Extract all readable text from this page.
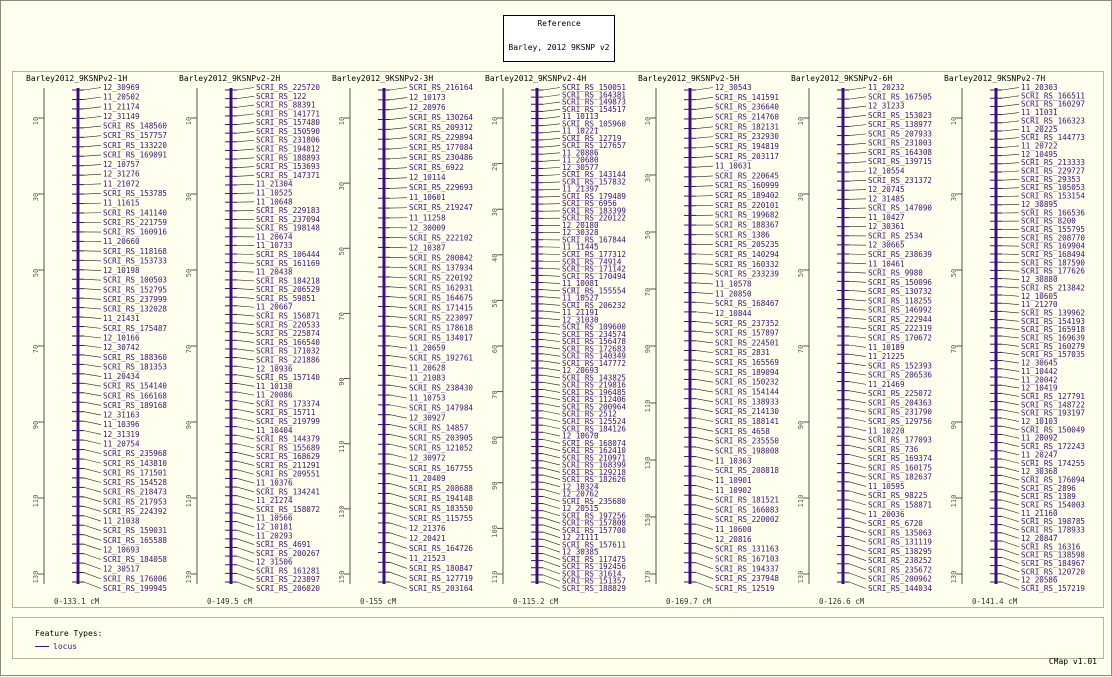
Reference
Barley, 2012 9KSNP v2
Feature Types:
locus
CMap v1.01
Barley2012_9KSNPv2-1H
0-133.1 cM
10
30
50
70
90
110
130
12_30969
11_20502
11_21174
12_31149
SCRI_RS_148560
SCRI_RS_157757
SCRI_RS_133220
SCRI_RS_169091
12_10757
12_31276
11_21072
SCRI_RS_153785
11_11615
SCRI_RS_141140
SCRI_RS_221759
SCRI_RS_160916
11_20660
SCRI_RS_118168
SCRI_RS_153733
12_10198
SCRI_RS_100503
SCRI_RS_152795
SCRI_RS_237999
SCRI_RS_132028
11_21431
SCRI_RS_175487
12_10166
12_30742
SCRI_RS_188360
SCRI_RS_181353
11_20434
SCRI_RS_154140
SCRI_RS_166168
SCRI_RS_189168
12_31163
11_10396
12_31319
11_20754
SCRI_RS_235968
SCRI_RS_143810
SCRI_RS_171501
SCRI_RS_154528
SCRI_RS_218473
SCRI_RS_217953
SCRI_RS_224392
11_21038
SCRI_RS_159031
SCRI_RS_165588
12_10693
SCRI_RS_184058
12_30517
SCRI_RS_176006
SCRI_RS_199945
Barley2012_9KSNPv2-2H
0-149.5 cM
10
30
50
70
90
110
130
SCRI_RS_225720
SCRI_RS_122
SCRI_RS_88391
SCRI_RS_141771
SCRI_RS_157480
SCRI_RS_150590
SCRI_RS_231806
SCRI_RS_194812
SCRI_RS_188893
SCRI_RS_153693
SCRI_RS_147371
11_21304
11_10525
11_10648
SCRI_RS_229183
SCRI_RS_237094
SCRI_RS_198148
11_20674
11_10733
SCRI_RS_106444
SCRI_RS_161169
11_20438
SCRI_RS_184218
SCRI_RS_206529
SCRI_RS_59851
11_20667
SCRI_RS_156871
SCRI_RS_220533
SCRI_RS_225874
SCRI_RS_166540
SCRI_RS_171032
SCRI_RS_221886
12_10936
SCRI_RS_157140
11_10138
11_20086
SCRI_RS_173374
SCRI_RS_15711
SCRI_RS_219799
11_10404
SCRI_RS_144379
SCRI_RS_155689
SCRI_RS_168629
SCRI_RS_211291
SCRI_RS_209551
11_10376
SCRI_RS_134241
11_21274
SCRI_RS_158072
11_10566
12_10181
11_20293
SCRI_RS_4691
SCRI_RS_200267
12_31506
SCRI_RS_161281
SCRI_RS_223897
SCRI_RS_206020
Barley2012_9KSNPv2-3H
0-155 cM
10
30
50
70
90
110
130
150
SCRI_RS_216164
12_10173
12_20976
SCRI_RS_130264
SCRI_RS_209312
SCRI_RS_229894
SCRI_RS_177084
SCRI_RS_230486
SCRI_RS_6922
12_10114
SCRI_RS_229693
11_10601
SCRI_RS_219247
11_11258
12_30009
SCRI_RS_222102
12_10387
SCRI_RS_200042
SCRI_RS_137934
SCRI_RS_220192
SCRI_RS_162931
SCRI_RS_164675
SCRI_RS_171415
SCRI_RS_223097
SCRI_RS_178618
SCRI_RS_134017
11_20659
SCRI_RS_192761
11_20628
11_21083
SCRI_RS_238430
11_10753
SCRI_RS_147984
12_30927
SCRI_RS_14857
SCRI_RS_203905
SCRI_RS_121052
12_30972
SCRI_RS_167755
11_20409
SCRI_RS_208688
SCRI_RS_194148
SCRI_RS_183550
SCRI_RS_115755
12_21376
12_20421
SCRI_RS_164726
11_21523
SCRI_RS_180847
SCRI_RS_127719
SCRI_RS_203164
Barley2012_9KSNPv2-4H
0-115.2 cM
10
20
30
40
50
60
70
80
90
100
110
SCRI_RS_150051
SCRI_RS_164381
SCRI_RS_149873
SCRI_RS_154517
11_10113
SCRI_RS_105960
11_10221
SCRI_RS_12719
SCRI_RS_127657
11_20886
11_20680
12_30577
SCRI_RS_143144
SCRI_RS_157832
11_21397
SCRI_RS_179489
SCRI_RS_6956
SCRI_RS_183399
SCRI_RS_220122
12_20180
12_30328
SCRI_RS_167844
11_11445
SCRI_RS_177312
SCRI_RS_74914
SCRI_RS_171142
SCRI_RS_170494
11_10081
SCRI_RS_155554
11_10527
SCRI_RS_206232
11_21191
12_31030
SCRI_RS_109600
SCRI_RS_234574
SCRI_RS_156478
SCRI_RS_172683
SCRI_RS_140349
SCRI_RS_147772
12_20693
SCRI_RS_143825
SCRI_RS_219816
SCRI_RS_196485
SCRI_RS_112406
SCRI_RS_200964
SCRI_RS_2512
SCRI_RS_125524
SCRI_RS_184126
12_10670
SCRI_RS_168074
SCRI_RS_162410
SCRI_RS_210971
SCRI_RS_168399
SCRI_RS_129218
SCRI_RS_182626
12_10324
12_20762
SCRI_RS_235680
12_20515
SCRI_RS_197256
SCRI_RS_157808
SCRI_RS_157700
12_21111
SCRI_RS_157611
12_30385
SCRI_RS_117475
SCRI_RS_192456
SCRI_RS_31614
SCRI_RS_151357
SCRI_RS_188829
Barley2012_9KSNPv2-5H
0-169.7 cM
10
30
50
70
90
110
130
150
170
12_30543
SCRI_RS_141591
SCRI_RS_236640
SCRI_RS_214760
SCRI_RS_182131
SCRI_RS_232930
SCRI_RS_194819
SCRI_RS_203117
11_10631
SCRI_RS_220645
SCRI_RS_160999
SCRI_RS_189402
SCRI_RS_220101
SCRI_RS_199682
SCRI_RS_188367
SCRI_RS_1386
SCRI_RS_205235
SCRI_RS_140294
SCRI_RS_160332
SCRI_RS_233239
11_10578
11_20850
SCRI_RS_168467
12_10844
SCRI_RS_237352
SCRI_RS_157897
SCRI_RS_224501
SCRI_RS_2831
SCRI_RS_165569
SCRI_RS_189094
SCRI_RS_150232
SCRI_RS_154144
SCRI_RS_138933
SCRI_RS_214130
SCRI_RS_188141
SCRI_RS_4658
SCRI_RS_235550
SCRI_RS_198008
11_10363
SCRI_RS_208818
11_10901
11_10902
SCRI_RS_181521
SCRI_RS_166083
SCRI_RS_220002
11_10600
12_20816
SCRI_RS_131163
SCRI_RS_167103
SCRI_RS_194337
SCRI_RS_237948
SCRI_RS_12519
Barley2012_9KSNPv2-6H
0-126.6 cM
10
30
50
70
90
110
130
11_20232
SCRI_RS_167505
12_31233
SCRI_RS_153023
SCRI_RS_138977
SCRI_RS_207933
SCRI_RS_231003
SCRI_RS_164308
SCRI_RS_139715
12_10554
SCRI_RS_231372
12_20745
12_31485
SCRI_RS_147090
11_10427
12_30361
SCRI_RS_2534
12_30665
SCRI_RS_238639
11_10461
SCRI_RS_9980
SCRI_RS_150096
SCRI_RS_130732
SCRI_RS_118255
SCRI_RS_146992
SCRI_RS_222944
SCRI_RS_222319
SCRI_RS_170672
11_10189
11_21225
SCRI_RS_152393
SCRI_RS_206536
11_21469
SCRI_RS_225072
SCRI_RS_204363
SCRI_RS_231790
SCRI_RS_129756
11_10220
SCRI_RS_177093
SCRI_RS_736
SCRI_RS_169374
SCRI_RS_160175
SCRI_RS_182637
11_10595
SCRI_RS_98225
SCRI_RS_158871
11_20036
SCRI_RS_6720
SCRI_RS_135063
SCRI_RS_131119
SCRI_RS_138295
SCRI_RS_238252
SCRI_RS_235672
SCRI_RS_200962
SCRI_RS_144034
Barley2012_9KSNPv2-7H
0-141.4 cM
10
30
50
70
90
110
130
11_20303
SCRI_RS_166511
SCRI_RS_160297
11_11031
SCRI_RS_166323
11_20225
SCRI_RS_144773
11_20722
12_10495
SCRI_RS_213333
SCRI_RS_229727
SCRI_RS_29353
SCRI_RS_105053
SCRI_RS_153154
12_30895
SCRI_RS_166536
SCRI_RS_8200
SCRI_RS_155795
SCRI_RS_208770
SCRI_RS_169904
SCRI_RS_168494
SCRI_RS_187590
SCRI_RS_177626
12_30880
SCRI_RS_213842
12_10605
11_21270
SCRI_RS_139962
SCRI_RS_154193
SCRI_RS_165918
SCRI_RS_169639
SCRI_RS_160279
SCRI_RS_157035
12_30645
11_10442
11_20042
12_10419
SCRI_RS_127791
SCRI_RS_148722
SCRI_RS_193197
12_10103
SCRI_RS_150049
11_20092
SCRI_RS_172243
11_20247
SCRI_RS_174255
12_30368
SCRI_RS_176094
SCRI_RS_2896
SCRI_RS_1389
SCRI_RS_154003
11_21160
SCRI_RS_198785
SCRI_RS_178933
12_20847
SCRI_RS_16316
SCRI_RS_138598
SCRI_RS_184967
SCRI_RS_120720
12_20586
SCRI_RS_157219
